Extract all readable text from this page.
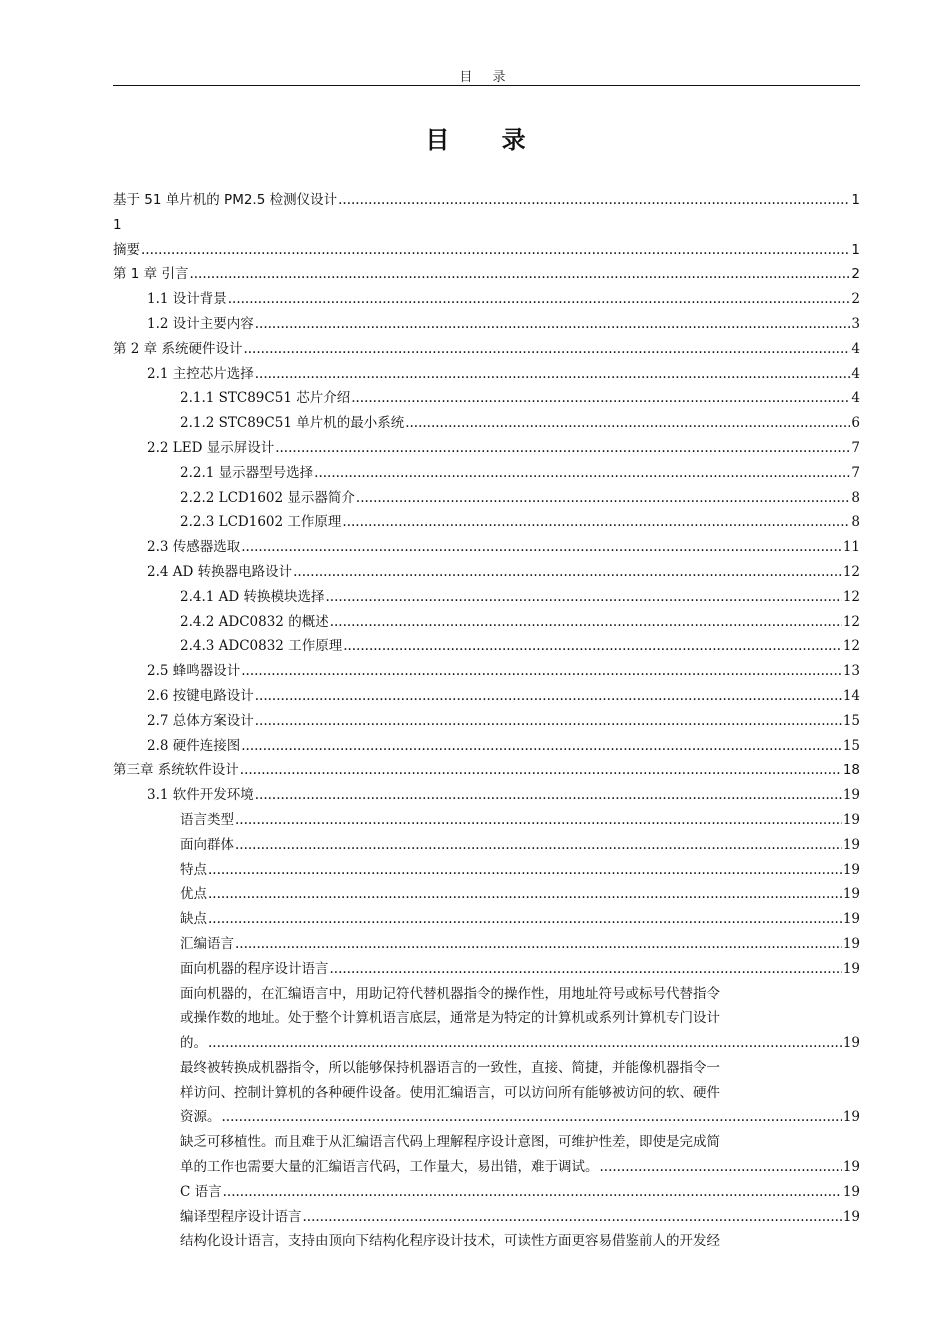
目 录
目 录
基于 51 单片机的 PM2.5 检测仪设计 .....	1
1
摘要 .....	1
第 1 章 引言 .....	2
1.1 设计背景 .....	2
1.2 设计主要内容 .....	3
第 2 章 系统硬件设计 .....	4
2.1 主控芯片选择 .....	4
2.1.1 STC89C51 芯片介绍 .....	4
2.1.2 STC89C51 单片机的最小系统 .....	6
2.2 LED 显示屏设计 .....	7
2.2.1 显示器型号选择 .....	7
2.2.2 LCD1602 显示器简介 .....	8
2.2.3 LCD1602 工作原理 .....	8
2.3 传感器选取 .....	11
2.4 AD 转换器电路设计 .....	12
2.4.1 AD 转换模块选择 .....	12
2.4.2 ADC0832 的概述 .....	12
2.4.3 ADC0832 工作原理 .....	12
2.5 蜂鸣器设计 .....	13
2.6 按键电路设计 .....	14
2.7 总体方案设计 .....	15
2.8 硬件连接图 .....	15
第三章 系统软件设计 .....	18
3.1 软件开发环境 .....	19
语言类型 .....	19
面向群体 .....	19
特点 .....	19
优点 .....	19
缺点 .....	19
汇编语言 .....	19
面向机器的程序设计语言 .....	19
面向机器的，在汇编语言中，用助记符代替机器指令的操作性，用地址符号或标号代替指令
或操作数的地址。处于整个计算机语言底层，通常是为特定的计算机或系列计算机专门设计
的。 .....	19
最终被转换成机器指令，所以能够保持机器语言的一致性，直接、简捷，并能像机器指令一
样访问、控制计算机的各种硬件设备。使用汇编语言，可以访问所有能够被访问的软、硬件
资源。 .....	19
缺乏可移植性。而且难于从汇编语言代码上理解程序设计意图，可维护性差，即使是完成简
单的工作也需要大量的汇编语言代码，工作量大，易出错，难于调试。 .....	19
C 语言 .....	19
编译型程序设计语言 .....	19
结构化设计语言，支持由顶向下结构化程序设计技术，可读性方面更容易借鉴前人的开发经
